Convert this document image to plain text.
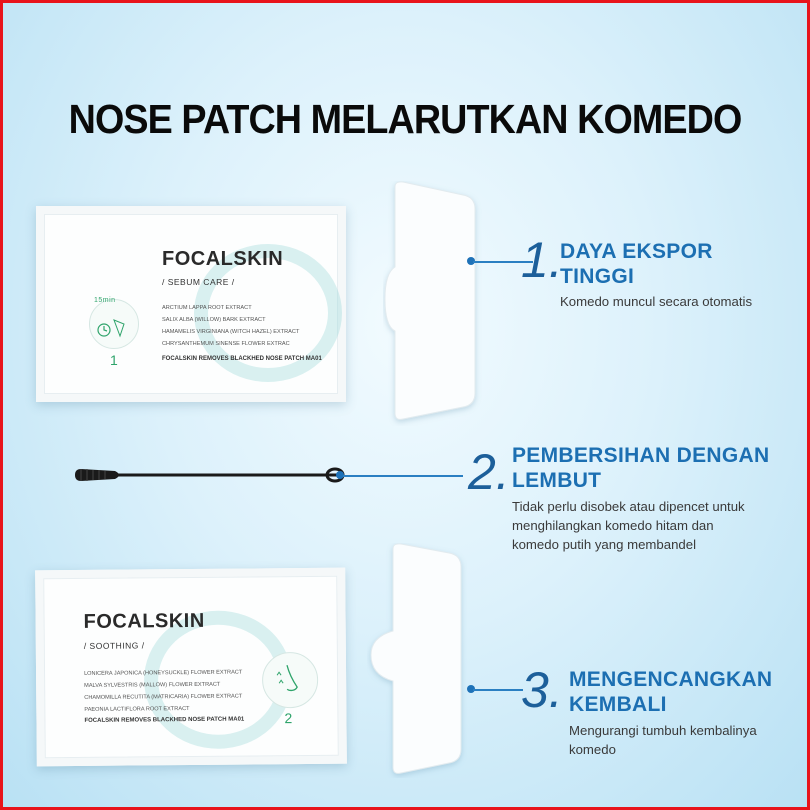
NOSE PATCH MELARUTKAN KOMEDO
FOCALSKIN
/ SEBUM CARE /
15min
ARCTIUM LAPPA ROOT EXTRACT
SALIX ALBA (WILLOW) BARK EXTRACT
HAMAMELIS VIRGINIANA (WITCH HAZEL) EXTRACT
CHRYSANTHEMUM SINENSE FLOWER EXTRAC
1	FOCALSKIN REMOVES BLACKHED NOSE PATCH MA01
FOCALSKIN
/ SOOTHING /
LONICERA JAPONICA (HONEYSUCKLE) FLOWER EXTRACT
MALVA SYLVESTRIS (MALLOW) FLOWER EXTRACT
CHAMOMILLA RECUTITA (MATRICARIA) FLOWER EXTRACT
PAEONIA LACTIFLORA ROOT EXTRACT
FOCALSKIN REMOVES BLACKHED NOSE PATCH MA01	2
1.
DAYA EKSPOR
TINGGI
Komedo muncul secara otomatis
2. PEMBERSIHAN DENGAN
LEMBUT
Tidak perlu disobek atau dipencet untuk
menghilangkan komedo hitam dan
komedo putih yang membandel
3. MENGENCANGKAN
KEMBALI
Mengurangi tumbuh kembalinya
komedo
